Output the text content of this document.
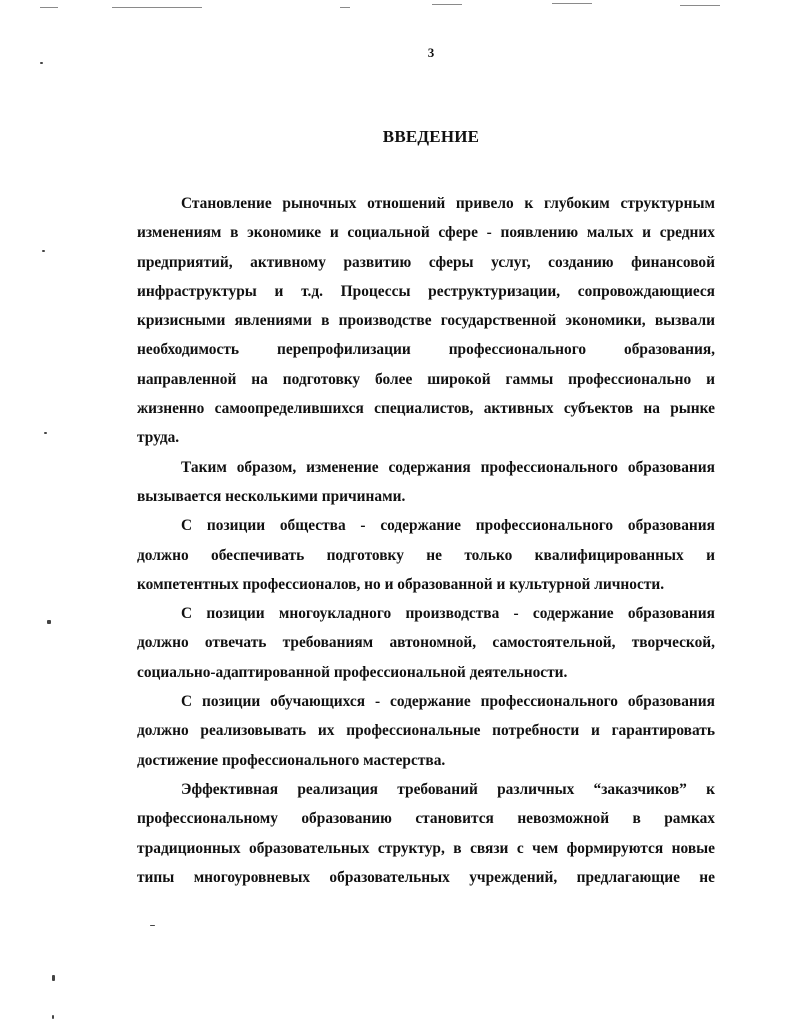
3
ВВЕДЕНИЕ
Становление рыночных отношений привело к глубоким структурным
изменениям в экономике и социальной сфере - появлению малых и средних
предприятий, активному развитию сферы услуг, созданию финансовой
инфраструктуры и т.д. Процессы реструктуризации, сопровождающиеся
кризисными явлениями в производстве государственной экономики, вызвали
необходимость перепрофилизации профессионального образования,
направленной на подготовку более широкой гаммы профессионально и
жизненно самоопределившихся специалистов, активных субъектов на рынке
труда.
Таким образом, изменение содержания профессионального образования
вызывается несколькими причинами.
С позиции общества - содержание профессионального образования
должно обеспечивать подготовку не только квалифицированных и
компетентных профессионалов, но и образованной и культурной личности.
С позиции многоукладного производства - содержание образования
должно отвечать требованиям автономной, самостоятельной, творческой,
социально-адаптированной профессиональной деятельности.
С позиции обучающихся - содержание профессионального образования
должно реализовывать их профессиональные потребности и гарантировать
достижение профессионального мастерства.
Эффективная реализация требований различных “заказчиков” к
профессиональному образованию становится невозможной в рамках
традиционных образовательных структур, в связи с чем формируются новые
типы многоуровневых образовательных учреждений, предлагающие не
